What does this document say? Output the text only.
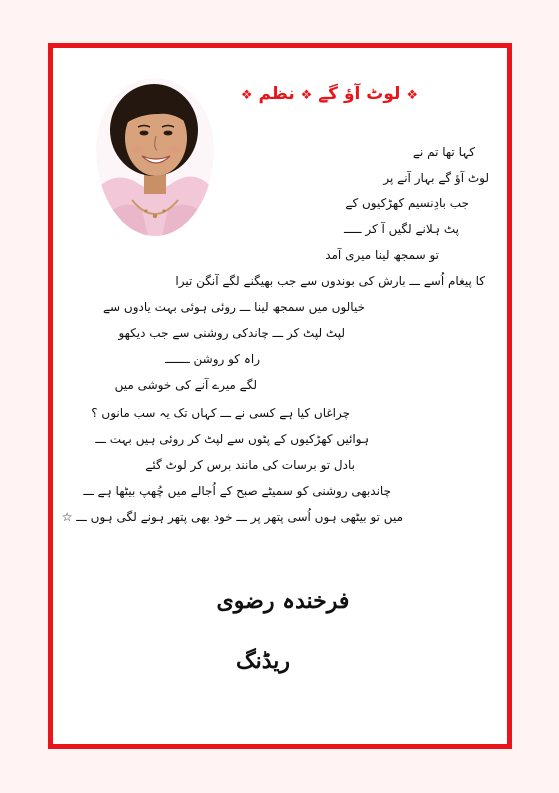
❖ لوٹ آؤ گے ❖ نظم ❖
کہا تھا تم نے
لوٹ آؤ گے بہار آنے پر
جب بادِنسیم کھڑکیوں کے
پٹ ہلانے لگیں آ کر ـــــ
تو سمجھ لینا میری آمد
کا پیغام اُسے ـــ بارش کی بوندوں سے جب بھیگنے لگے آنگن تیرا
خیالوں میں سمجھ لینا ـــ روئی ہوئی بہت یادوں سے
لپٹ لپٹ کر ـــ چاندکی روشنی سے جب دیکھو
راہ کو روشن ـــــــ
لگے میرے آنے کی خوشی میں
چراغاں کیا ہے کسی نے ـــ کہاں تک یہ سب مانوں ؟
ہوائیں کھڑکیوں کے پٹوں سے لپٹ کر روئی ہیں بہت ـــ
بادل تو برسات کی مانند برس کر لوٹ گئے
چاندبھی روشنی کو سمیٹے صبح کے اُجالے میں چُھپ بیٹھا ہے ـــ
میں تو بیٹھی ہوں اُسی پتھر پر ـــ خود بھی پتھر ہونے لگی ہوں ـــ ☆
فرخندہ رضوی
ریڈنگ
